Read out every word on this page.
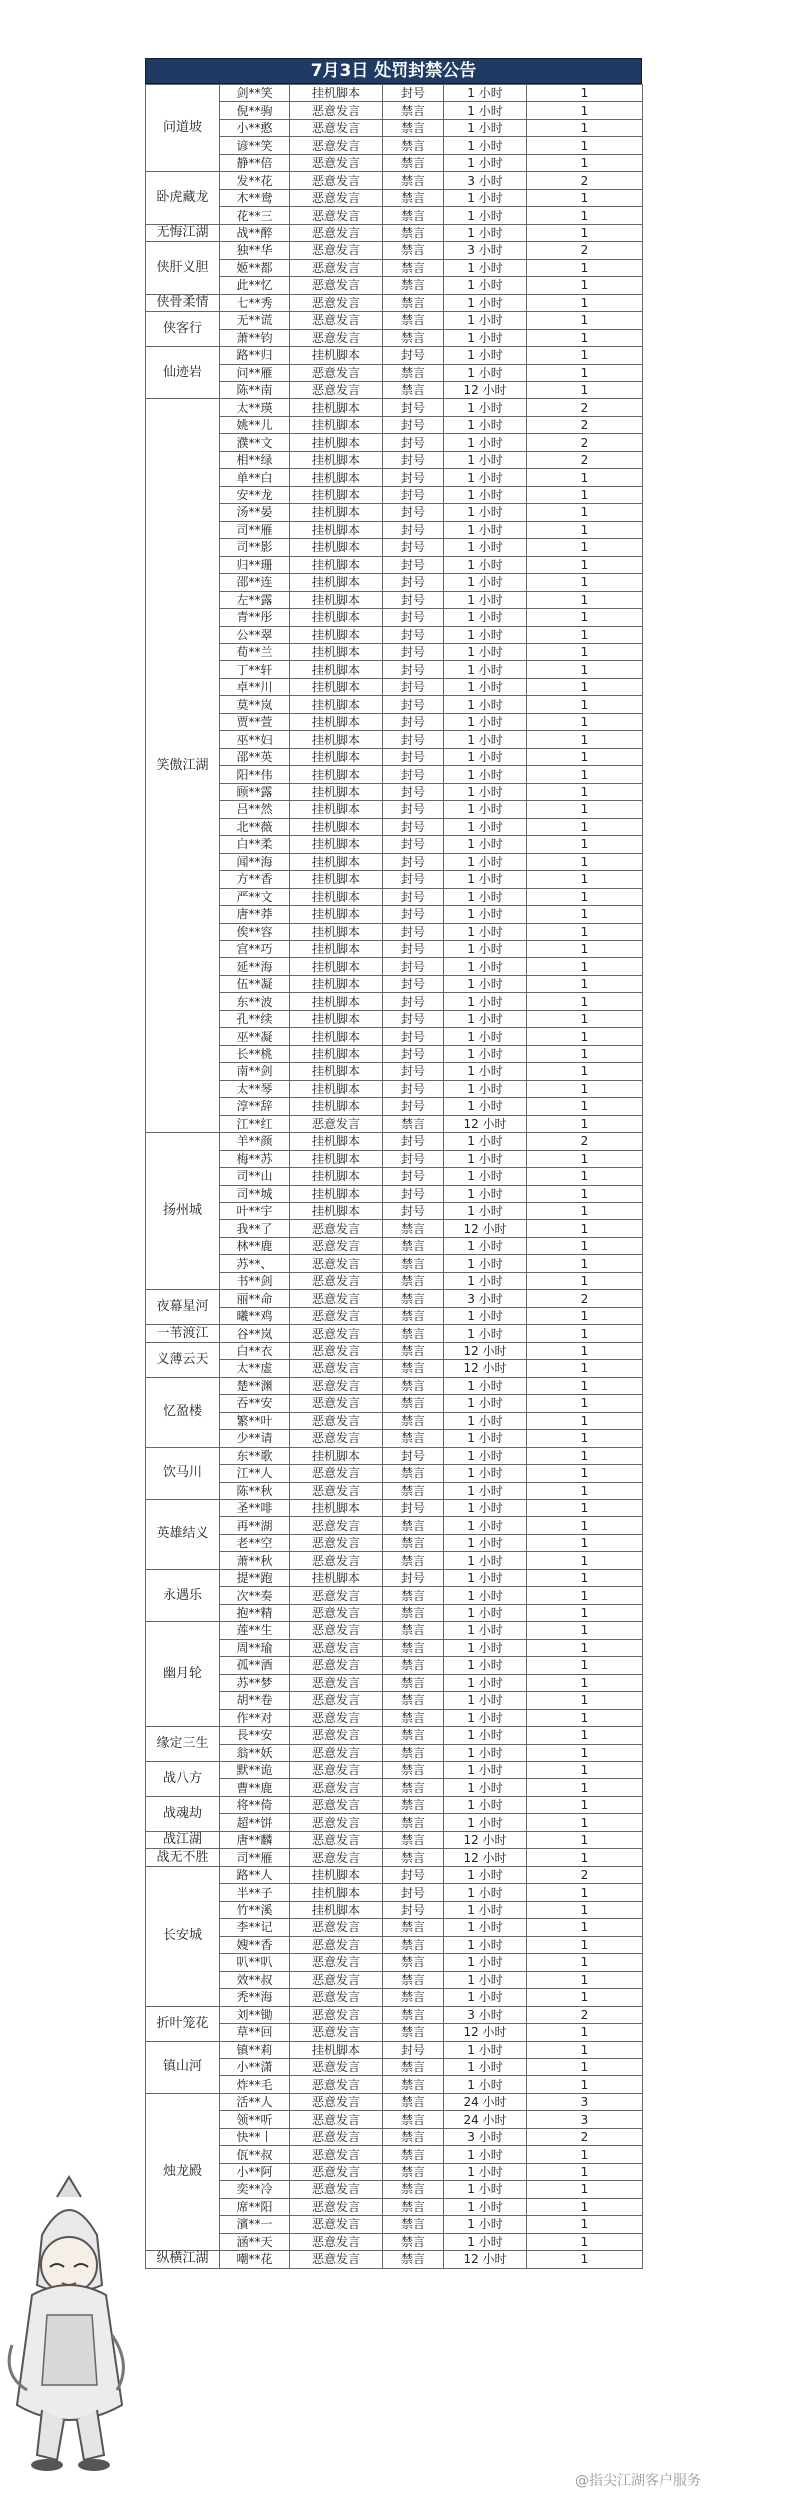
7月3日 处罚封禁公告
问道坡	剑**笑	挂机脚本	封号	1 小时	1
	倪**驹	恶意发言	禁言	1 小时	1
	小**憨	恶意发言	禁言	1 小时	1
	谚**笑	恶意发言	禁言	1 小时	1
	静**倍	恶意发言	禁言	1 小时	1
卧虎藏龙	发**花	恶意发言	禁言	3 小时	2
	木**鸯	恶意发言	禁言	1 小时	1
	花**三	恶意发言	禁言	1 小时	1
无悔江湖	战**醉	恶意发言	禁言	1 小时	1
侠肝义胆	独**华	恶意发言	禁言	3 小时	2
	姬**都	恶意发言	禁言	1 小时	1
	此**忆	恶意发言	禁言	1 小时	1
侠骨柔情	七**秀	恶意发言	禁言	1 小时	1
侠客行	无**谎	恶意发言	禁言	1 小时	1
	萧**钧	恶意发言	禁言	1 小时	1
仙迹岩	路**归	挂机脚本	封号	1 小时	1
	问**雁	恶意发言	禁言	1 小时	1
	陈**南	恶意发言	禁言	12 小时	1
笑傲江湖	太**瑛	挂机脚本	封号	1 小时	2
	姚**儿	挂机脚本	封号	1 小时	2
	濮**文	挂机脚本	封号	1 小时	2
	相**绿	挂机脚本	封号	1 小时	2
	单**白	挂机脚本	封号	1 小时	1
	安**龙	挂机脚本	封号	1 小时	1
	汤**晏	挂机脚本	封号	1 小时	1
	司**雁	挂机脚本	封号	1 小时	1
	司**影	挂机脚本	封号	1 小时	1
	归**珊	挂机脚本	封号	1 小时	1
	邵**连	挂机脚本	封号	1 小时	1
	左**露	挂机脚本	封号	1 小时	1
	青**彤	挂机脚本	封号	1 小时	1
	公**翠	挂机脚本	封号	1 小时	1
	荀**兰	挂机脚本	封号	1 小时	1
	丁**轩	挂机脚本	封号	1 小时	1
	卓**川	挂机脚本	封号	1 小时	1
	莫**岚	挂机脚本	封号	1 小时	1
	贾**萱	挂机脚本	封号	1 小时	1
	巫**妇	挂机脚本	封号	1 小时	1
	邵**英	挂机脚本	封号	1 小时	1
	阳**伟	挂机脚本	封号	1 小时	1
	顾**露	挂机脚本	封号	1 小时	1
	吕**然	挂机脚本	封号	1 小时	1
	北**薇	挂机脚本	封号	1 小时	1
	白**柔	挂机脚本	封号	1 小时	1
	闻**海	挂机脚本	封号	1 小时	1
	方**香	挂机脚本	封号	1 小时	1
	严**文	挂机脚本	封号	1 小时	1
	唐**莽	挂机脚本	封号	1 小时	1
	俟**容	挂机脚本	封号	1 小时	1
	宫**巧	挂机脚本	封号	1 小时	1
	延**海	挂机脚本	封号	1 小时	1
	伍**凝	挂机脚本	封号	1 小时	1
	东**波	挂机脚本	封号	1 小时	1
	孔**续	挂机脚本	封号	1 小时	1
	巫**凝	挂机脚本	封号	1 小时	1
	长**桃	挂机脚本	封号	1 小时	1
	南**剑	挂机脚本	封号	1 小时	1
	太**琴	挂机脚本	封号	1 小时	1
	淳**辞	挂机脚本	封号	1 小时	1
	江**红	恶意发言	禁言	12 小时	1
扬州城	羊**颜	挂机脚本	封号	1 小时	2
	梅**苏	挂机脚本	封号	1 小时	1
	司**山	挂机脚本	封号	1 小时	1
	司**城	挂机脚本	封号	1 小时	1
	叶**宇	挂机脚本	封号	1 小时	1
	我**了	恶意发言	禁言	12 小时	1
	林**鹿	恶意发言	禁言	1 小时	1
	苏**、	恶意发言	禁言	1 小时	1
	书**剑	恶意发言	禁言	1 小时	1
夜幕星河	丽**命	恶意发言	禁言	3 小时	2
	曦**鸡	恶意发言	禁言	1 小时	1
一苇渡江	谷**岚	恶意发言	禁言	1 小时	1
义薄云天	白**衣	恶意发言	禁言	12 小时	1
	太**虚	恶意发言	禁言	12 小时	1
忆盈楼	楚**渊	恶意发言	禁言	1 小时	1
	吞**安	恶意发言	禁言	1 小时	1
	繁**叶	恶意发言	禁言	1 小时	1
	少**请	恶意发言	禁言	1 小时	1
饮马川	东**歌	挂机脚本	封号	1 小时	1
	江**人	恶意发言	禁言	1 小时	1
	陈**秋	恶意发言	禁言	1 小时	1
英雄结义	圣**啡	挂机脚本	封号	1 小时	1
	再**湖	恶意发言	禁言	1 小时	1
	老**空	恶意发言	禁言	1 小时	1
	萧**秋	恶意发言	禁言	1 小时	1
永遇乐	提**跑	挂机脚本	封号	1 小时	1
	次**奏	恶意发言	禁言	1 小时	1
	抱**精	恶意发言	禁言	1 小时	1
幽月轮	莲**生	恶意发言	禁言	1 小时	1
	周**瑜	恶意发言	禁言	1 小时	1
	孤**酒	恶意发言	禁言	1 小时	1
	苏**梦	恶意发言	禁言	1 小时	1
	胡**卷	恶意发言	禁言	1 小时	1
	作**对	恶意发言	禁言	1 小时	1
缘定三生	長**安	恶意发言	禁言	1 小时	1
	翁**妖	恶意发言	禁言	1 小时	1
战八方	默**诡	恶意发言	禁言	1 小时	1
	曹**鹿	恶意发言	禁言	1 小时	1
战魂劫	将**倚	恶意发言	禁言	1 小时	1
	超**饼	恶意发言	禁言	1 小时	1
战江湖	唐**麟	恶意发言	禁言	12 小时	1
战无不胜	司**雁	恶意发言	禁言	12 小时	1
长安城	路**人	挂机脚本	封号	1 小时	2
	半**子	挂机脚本	封号	1 小时	1
	竹**溪	挂机脚本	封号	1 小时	1
	李**记	恶意发言	禁言	1 小时	1
	嫂**香	恶意发言	禁言	1 小时	1
	叭**叭	恶意发言	禁言	1 小时	1
	效**叔	恶意发言	禁言	1 小时	1
	秃**海	恶意发言	禁言	1 小时	1
折叶笼花	刘**锄	恶意发言	禁言	3 小时	2
	草**回	恶意发言	禁言	12 小时	1
镇山河	镇**莉	挂机脚本	封号	1 小时	1
	小**潇	恶意发言	禁言	1 小时	1
	炸**毛	恶意发言	禁言	1 小时	1
烛龙殿	活**人	恶意发言	禁言	24 小时	3
	领**听	恶意发言	禁言	24 小时	3
	快**丨	恶意发言	禁言	3 小时	2
	佤**叔	恶意发言	禁言	1 小时	1
	小**阿	恶意发言	禁言	1 小时	1
	奕**冷	恶意发言	禁言	1 小时	1
	席**阳	恶意发言	禁言	1 小时	1
	濱**一	恶意发言	禁言	1 小时	1
	涵**天	恶意发言	禁言	1 小时	1
纵横江湖	嘲**花	恶意发言	禁言	12 小时	1
@指尖江湖客户服务
